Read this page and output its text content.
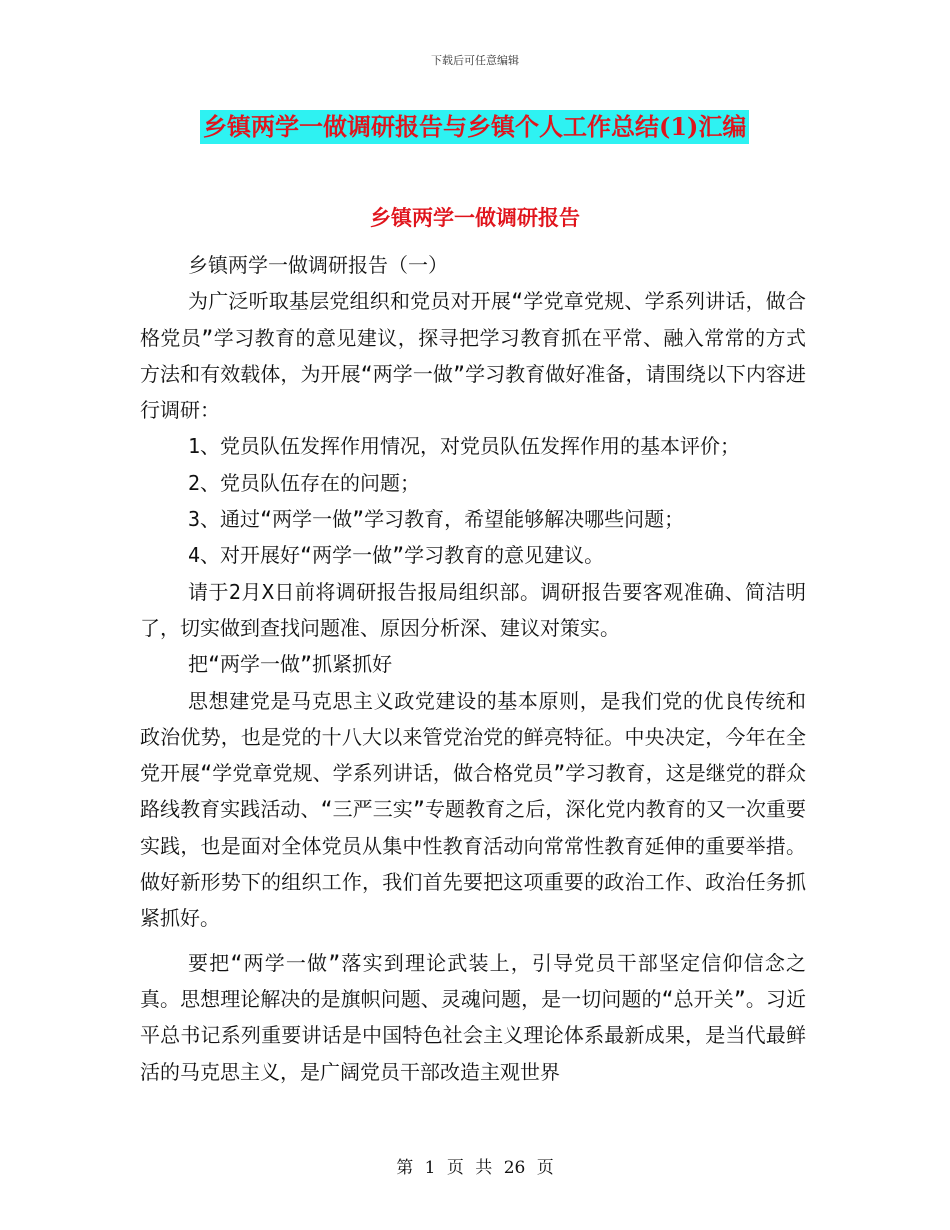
下载后可任意编辑
乡镇两学一做调研报告与乡镇个人工作总结(1)汇编
乡镇两学一做调研报告

乡镇两学一做调研报告（一）

为广泛听取基层党组织和党员对开展“学党章党规、学系列讲话，做合格党员”学习教育的意见建议，探寻把学习教育抓在平常、融入常常的方式方法和有效载体，为开展“两学一做”学习教育做好准备，请围绕以下内容进行调研：

1、党员队伍发挥作用情况，对党员队伍发挥作用的基本评价；

2、党员队伍存在的问题；

3、通过“两学一做”学习教育，希望能够解决哪些问题；

4、对开展好“两学一做”学习教育的意见建议。

请于2月X日前将调研报告报局组织部。调研报告要客观准确、简洁明了，切实做到查找问题准、原因分析深、建议对策实。

把“两学一做”抓紧抓好

思想建党是马克思主义政党建设的基本原则，是我们党的优良传统和政治优势，也是党的十八大以来管党治党的鲜亮特征。中央决定，今年在全党开展“学党章党规、学系列讲话，做合格党员”学习教育，这是继党的群众路线教育实践活动、“三严三实”专题教育之后，深化党内教育的又一次重要实践，也是面对全体党员从集中性教育活动向常常性教育延伸的重要举措。做好新形势下的组织工作，我们首先要把这项重要的政治工作、政治任务抓紧抓好。

要把“两学一做”落实到理论武装上，引导党员干部坚定信仰信念之真。思想理论解决的是旗帜问题、灵魂问题，是一切问题的“总开关”。习近平总书记系列重要讲话是中国特色社会主义理论体系最新成果，是当代最鲜活的马克思主义，是广阔党员干部改造主观世界

第 1 页 共 26 页
